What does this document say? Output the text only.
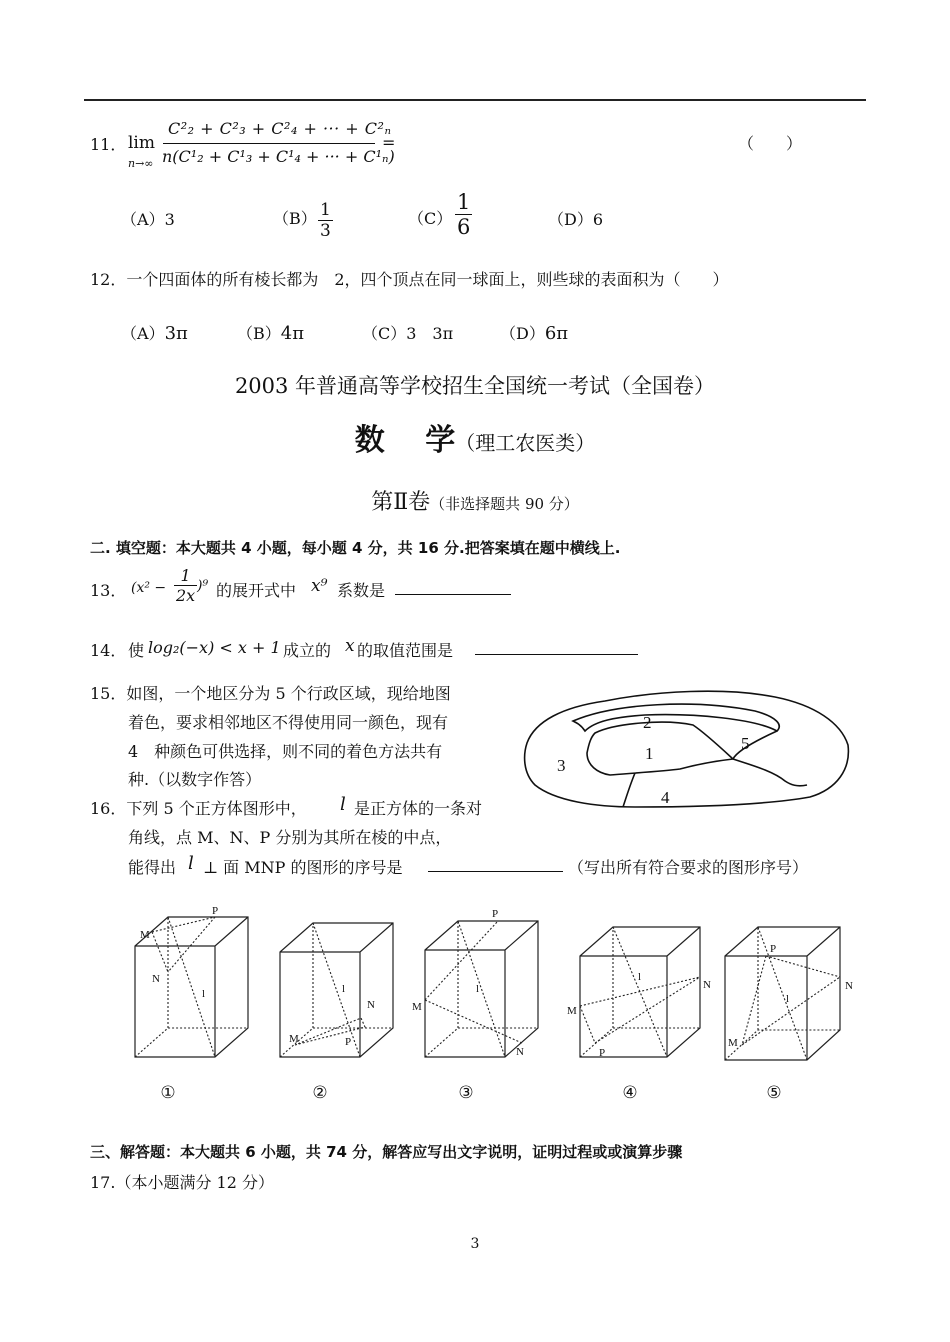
11． lim
n→∞
C²₂ + C²₃ + C²₄ + ··· + C²ₙ
n(C¹₂ + C¹₃ + C¹₄ + ··· + C¹ₙ)
=	（　　）
（A）3	$(B) \frac{1}{3}$	$(C) \frac{1}{6}$	（D）6
12．一个四面体的所有棱长都为　2，四个顶点在同一球面上，则些球的表面积为（　　）
（A）3π	（B）4π	（C）3　3π	（D）6π
2003 年普通高等学校招生全国统一考试（全国卷）
数　 学（理工农医类）
第Ⅱ卷（非选择题共 90 分）
二. 填空题：本大题共 4 小题，每小题 4 分，共 16 分.把答案填在题中横线上.
13． $(x^2 - \frac{1}{2x} )^9$ 的展开式中 x⁹ 系数是
14． 使 log₂(−x) < x + 1 成立的 x 的取值范围是
15．如图，一个地区分为 5 个行政区域，现给地图
着色，要求相邻地区不得使用同一颜色，现有
4　种颜色可供选择，则不同的着色方法共有
种.（以数字作答）
2
1
3
5
4
16．下列 5 个正方体图形中， l 是正方体的一条对
角线，点 M、N、P 分别为其所在棱的中点，
能得出 l ⊥ 面 MNP 的图形的序号是	（写出所有符合要求的图形序号）
M
P
N
l
M
N
P
l
M
P
N
l
M
N
P
l
P
N
M
l
①	②	③	④	⑤
三、解答题：本大题共 6 小题，共 74 分，解答应写出文字说明，证明过程或或演算步骤
17.（本小题满分 12 分）
3
